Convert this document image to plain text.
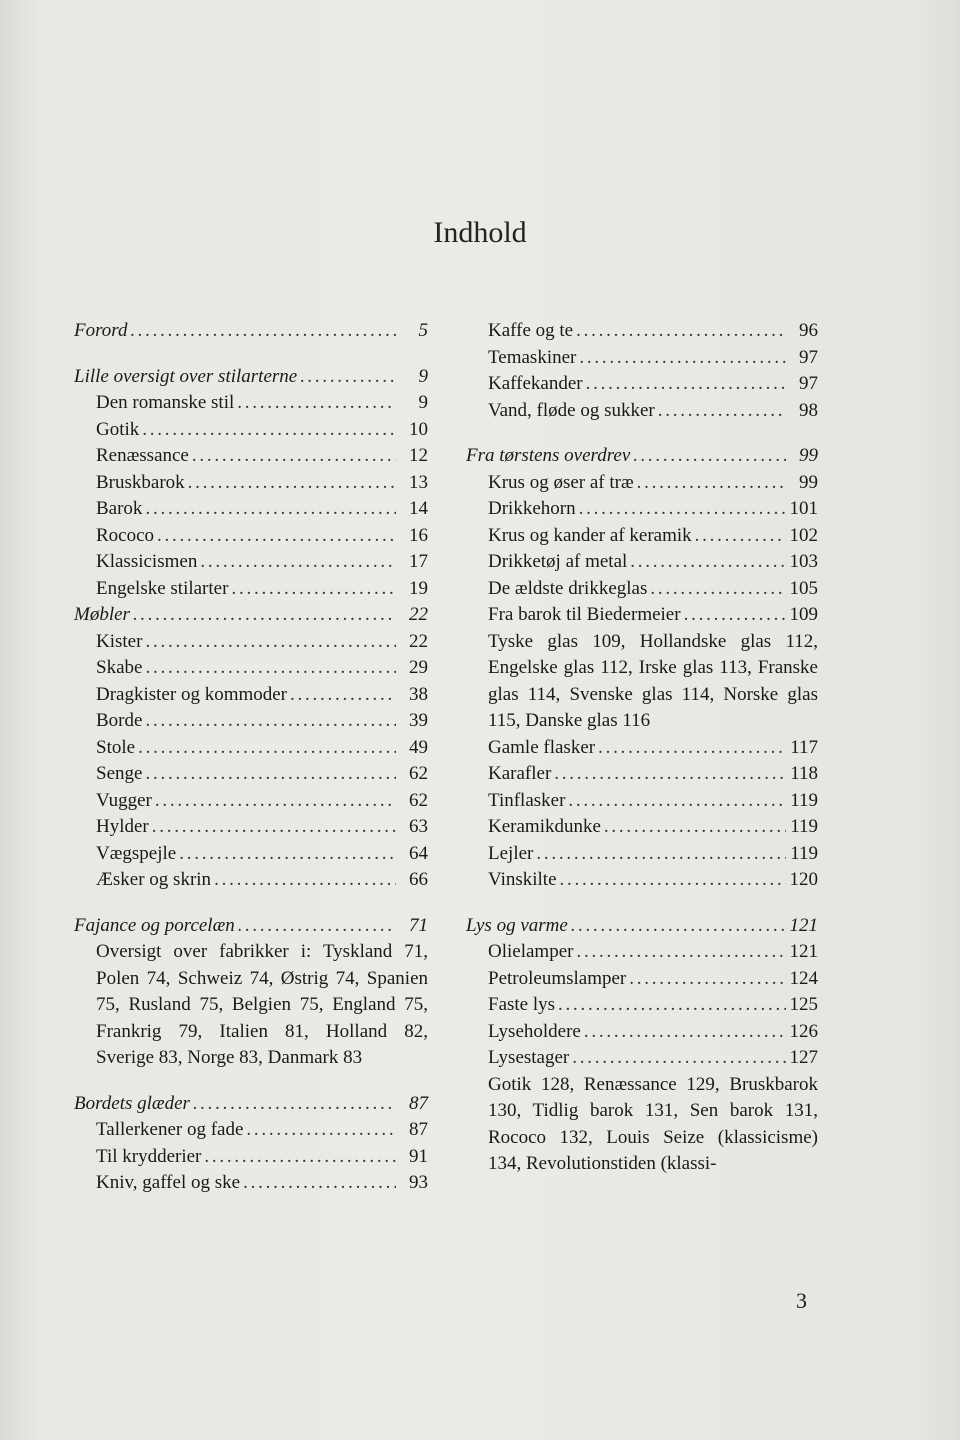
Indhold
Forord . . .	5
Lille oversigt over stilarterne . . .	9
Den romanske stil . . .	9
Gotik . . .	10
Renæssance . . .	12
Bruskbarok . . .	13
Barok . . .	14
Rococo . . .	16
Klassicismen . . .	17
Engelske stilarter . . .	19
Møbler . . .	22
Kister . . .	22
Skabe . . .	29
Dragkister og kommoder . . .	38
Borde . . .	39
Stole . . .	49
Senge . . .	62
Vugger . . .	62
Hylder . . .	63
Vægspejle . . .	64
Æsker og skrin . . .	66
Fajance og porcelæn . . .	71
Oversigt over fabrikker i: Tyskland 71, Polen 74, Schweiz 74, Østrig 74, Spanien 75, Rusland 75, Belgien 75, England 75, Frankrig 79, Italien 81, Holland 82, Sverige 83, Norge 83, Danmark 83
Bordets glæder . . .	87
Tallerkener og fade . . .	87
Til krydderier . . .	91
Kniv, gaffel og ske . . .	93
Kaffe og te . . .	96
Temaskiner . . .	97
Kaffekander . . .	97
Vand, fløde og sukker . . .	98
Fra tørstens overdrev . . .	99
Krus og øser af træ . . .	99
Drikkehorn . . .	101
Krus og kander af keramik . . .	102
Drikketøj af metal . . .	103
De ældste drikkeglas . . .	105
Fra barok til Biedermeier . . .	109
Tyske glas 109, Hollandske glas 112, Engelske glas 112, Irske glas 113, Franske glas 114, Svenske glas 114, Norske glas 115, Danske glas 116
Gamle flasker . . .	117
Karafler . . .	118
Tinflasker . . .	119
Keramikdunke . . .	119
Lejler . . .	119
Vinskilte . . .	120
Lys og varme . . .	121
Olielamper . . .	121
Petroleumslamper . . .	124
Faste lys . . .	125
Lyseholdere . . .	126
Lysestager . . .	127
Gotik 128, Renæssance 129, Bruskbarok 130, Tidlig barok 131, Sen barok 131, Rococo 132, Louis Seize (klassicisme) 134, Revolutionstiden (klassi-
3
